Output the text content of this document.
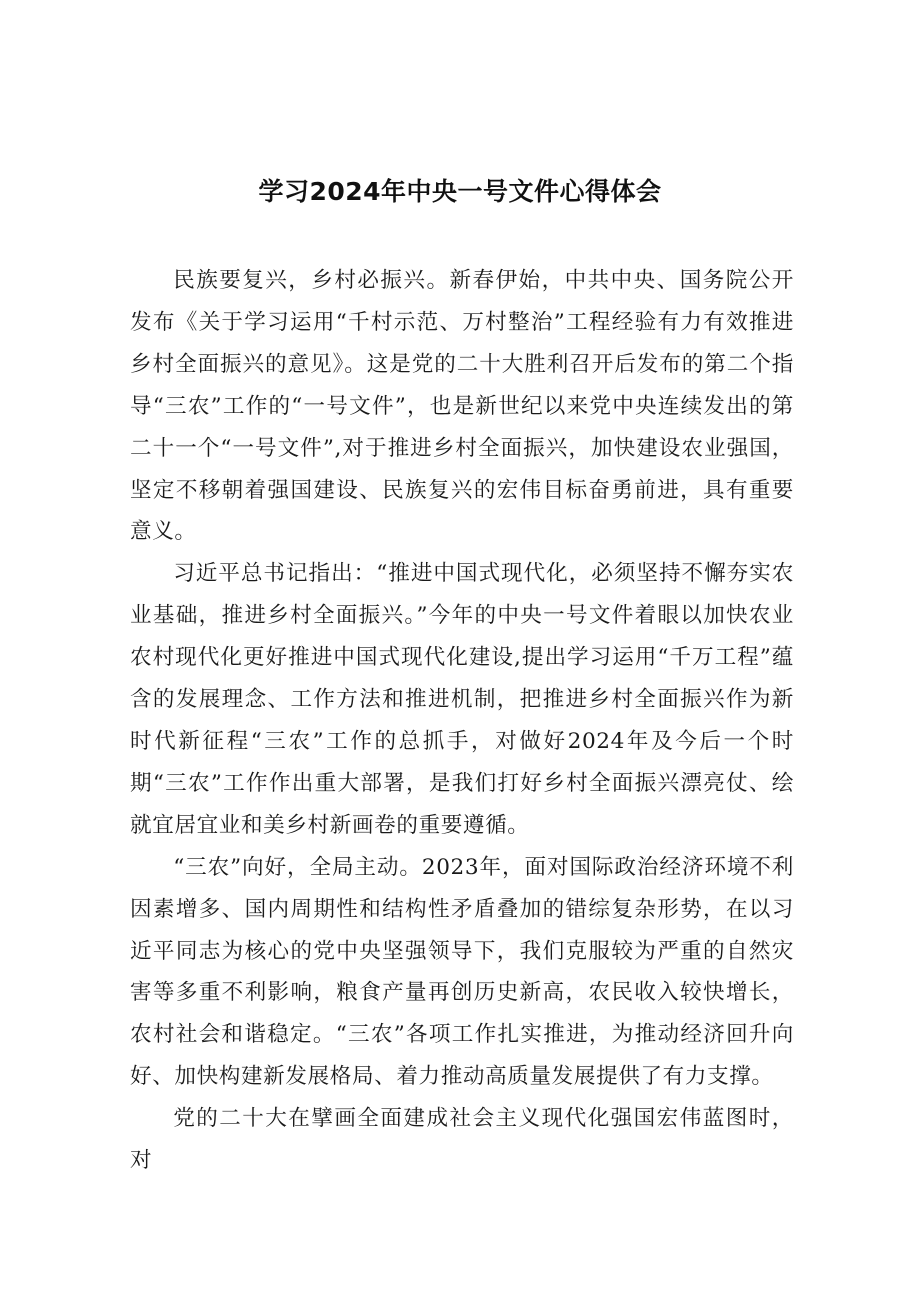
学习2024年中央一号文件心得体会

民族要复兴，乡村必振兴。新春伊始，中共中央、国务院公开发布《关于学习运用“千村示范、万村整治”工程经验有力有效推进乡村全面振兴的意见》。这是党的二十大胜利召开后发布的第二个指导“三农”工作的“一号文件”，也是新世纪以来党中央连续发出的第二十一个“一号文件”,对于推进乡村全面振兴，加快建设农业强国，坚定不移朝着强国建设、民族复兴的宏伟目标奋勇前进，具有重要意义。

习近平总书记指出：“推进中国式现代化，必须坚持不懈夯实农业基础，推进乡村全面振兴。”今年的中央一号文件着眼以加快农业农村现代化更好推进中国式现代化建设,提出学习运用“千万工程”蕴含的发展理念、工作方法和推进机制，把推进乡村全面振兴作为新时代新征程“三农”工作的总抓手，对做好2024年及今后一个时期“三农”工作作出重大部署，是我们打好乡村全面振兴漂亮仗、绘就宜居宜业和美乡村新画卷的重要遵循。

“三农”向好，全局主动。2023年，面对国际政治经济环境不利因素增多、国内周期性和结构性矛盾叠加的错综复杂形势，在以习近平同志为核心的党中央坚强领导下，我们克服较为严重的自然灾害等多重不利影响，粮食产量再创历史新高，农民收入较快增长，农村社会和谐稳定。“三农”各项工作扎实推进，为推动经济回升向好、加快构建新发展格局、着力推动高质量发展提供了有力支撑。

党的二十大在擘画全面建成社会主义现代化强国宏伟蓝图时，对
